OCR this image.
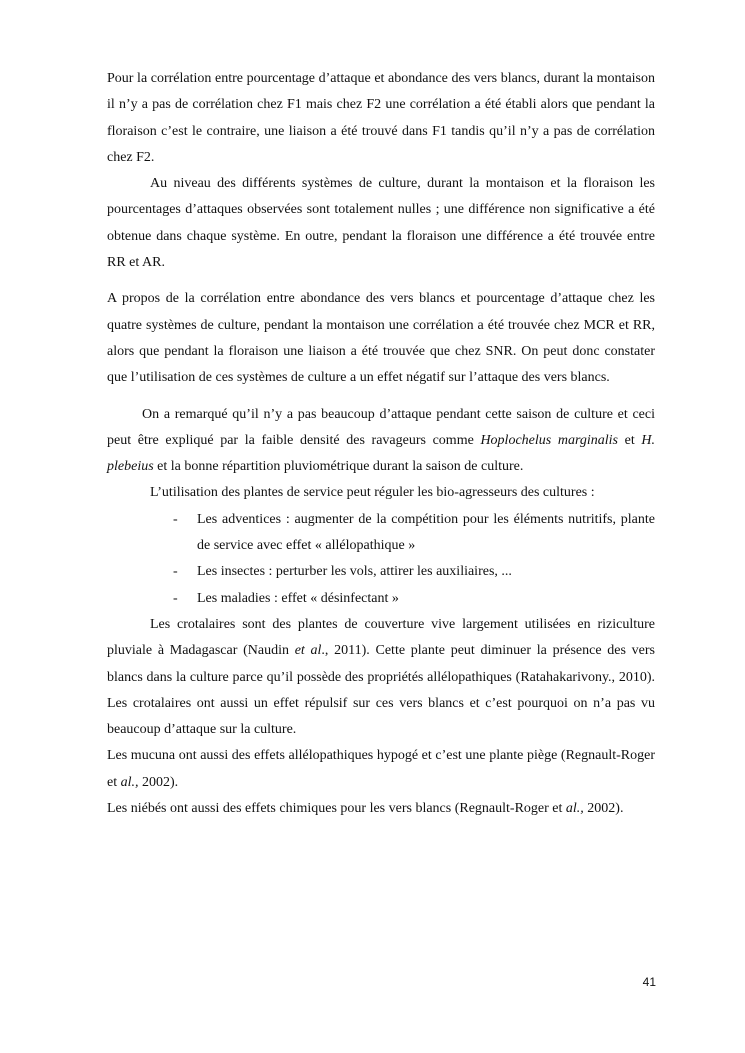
Pour la corrélation entre pourcentage d’attaque et abondance des vers blancs, durant la montaison il n’y a pas de corrélation chez F1 mais chez F2 une corrélation a été établi alors que pendant la floraison c’est le contraire, une liaison a été trouvé dans F1 tandis qu’il n’y a pas de corrélation chez F2.

Au niveau des différents systèmes de culture, durant la montaison et la floraison les pourcentages d’attaques observées sont totalement nulles ; une différence non significative a été obtenue dans chaque système. En outre, pendant la floraison une différence a été trouvée entre RR et AR.

A propos de la corrélation entre abondance des vers blancs et pourcentage d’attaque chez les quatre systèmes de culture, pendant la montaison une corrélation a été trouvée chez MCR et RR, alors que pendant la floraison une liaison a été trouvée que chez SNR. On peut donc constater que l’utilisation de ces systèmes de culture a un effet négatif sur l’attaque des vers blancs.

On a remarqué qu’il n’y a pas beaucoup d’attaque pendant cette saison de culture et ceci peut être expliqué par la faible densité des ravageurs comme Hoplochelus marginalis et H. plebeius et la bonne répartition pluviométrique durant la saison de culture.

L’utilisation des plantes de service peut réguler les bio-agresseurs des cultures :

- Les adventices : augmenter de la compétition pour les éléments nutritifs, plante de service avec effet « allélopathique »
- Les insectes : perturber les vols, attirer les auxiliaires, ...
- Les maladies : effet « désinfectant »

Les crotalaires sont des plantes de couverture vive largement utilisées en riziculture pluviale à Madagascar (Naudin et al., 2011). Cette plante peut diminuer la présence des vers blancs dans la culture parce qu’il possède des propriétés allélopathiques (Ratahakarivony., 2010). Les crotalaires ont aussi un effet répulsif sur ces vers blancs et c’est pourquoi on n’a pas vu beaucoup d’attaque sur la culture.

Les mucuna ont aussi des effets allélopathiques hypogé et c’est une plante piège (Regnault-Roger et al., 2002).

Les niébés ont aussi des effets chimiques pour les vers blancs (Regnault-Roger et al., 2002).

41
